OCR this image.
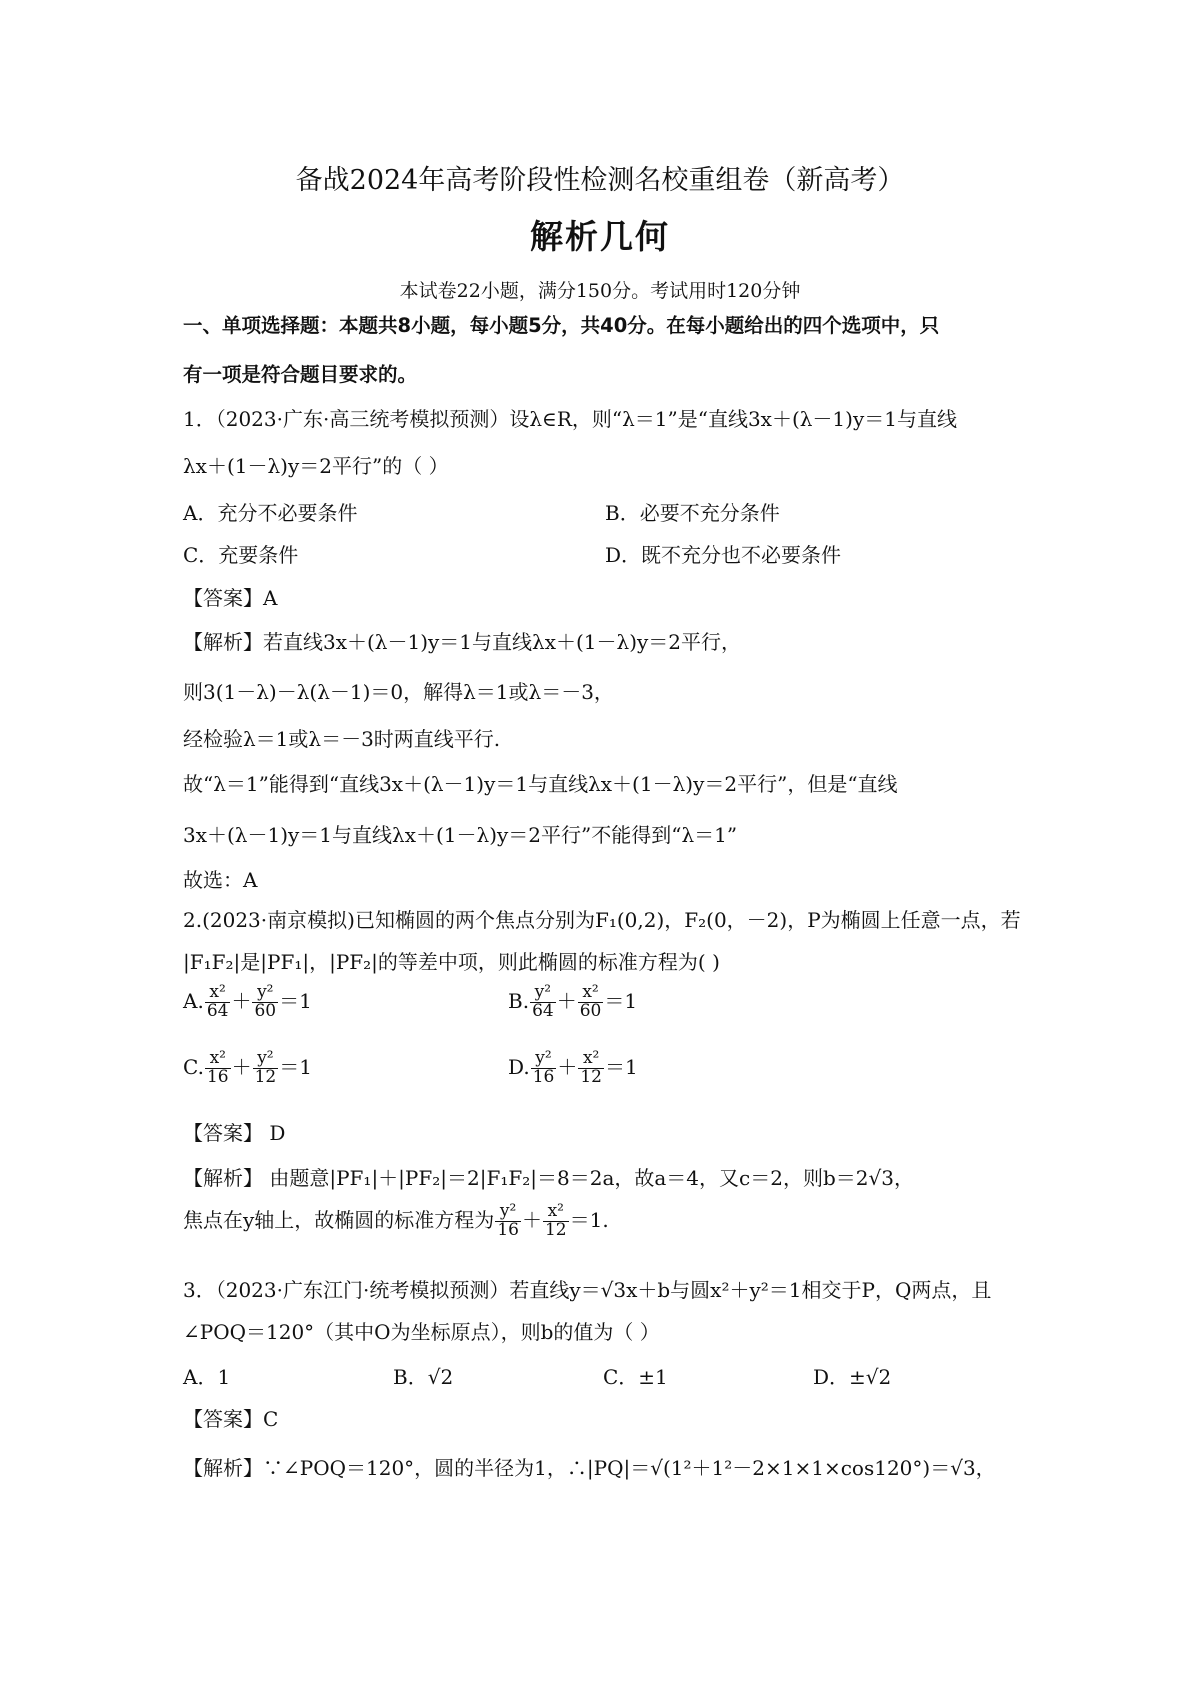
备战2024年高考阶段性检测名校重组卷（新高考）
解析几何
本试卷22小题，满分150分。考试用时120分钟
一、单项选择题：本题共8小题，每小题5分，共40分。在每小题给出的四个选项中，只
有一项是符合题目要求的。
1．（2023·广东·高三统考模拟预测）设λ∈R，则“λ＝1”是“直线3x＋(λ－1)y＝1与直线
λx＋(1－λ)y＝2平行”的（ ）
A．充分不必要条件	B．必要不充分条件
C．充要条件	D．既不充分也不必要条件
【答案】A
【解析】若直线3x＋(λ－1)y＝1与直线λx＋(1－λ)y＝2平行，
则3(1－λ)－λ(λ－1)＝0，解得λ＝1或λ＝－3，
经检验λ＝1或λ＝－3时两直线平行.
故“λ＝1”能得到“直线3x＋(λ－1)y＝1与直线λx＋(1－λ)y＝2平行”，但是“直线
3x＋(λ－1)y＝1与直线λx＋(1－λ)y＝2平行”不能得到“λ＝1”
故选：A
2.(2023·南京模拟)已知椭圆的两个焦点分别为F₁(0,2)，F₂(0，－2)，P为椭圆上任意一点，若
|F₁F₂|是|PF₁|，|PF₂|的等差中项，则此椭圆的标准方程为( )
A. $\frac{\text{x²}}{64} + \frac{\text{y²}}{60} =1$	B. $\frac{\text{y²}}{64} + \frac{\text{x²}}{60} =1$
C. $\frac{\text{x²}}{16} + \frac{\text{y²}}{12} =1$	D. $\frac{\text{y²}}{16} + \frac{\text{x²}}{12} =1$
【答案】 D
【解析】 由题意|PF₁|＋|PF₂|＝2|F₁F₂|＝8＝2a，故a＝4，又c＝2，则b＝2√3，
焦点在y轴上，故椭圆的标准方程为 $\frac{\text{y²}}{16} + \frac{\text{x²}}{12} =1$.
3．（2023·广东江门·统考模拟预测）若直线y＝√3x＋b与圆x²＋y²＝1相交于P，Q两点，且
∠POQ＝120°（其中O为坐标原点），则b的值为（ ）
A．1	B．√2	C．±1	D．±√2
【答案】C
【解析】∵∠POQ＝120°，圆的半径为1，∴|PQ|＝√(1²＋1²－2×1×1×cos120°)＝√3，
